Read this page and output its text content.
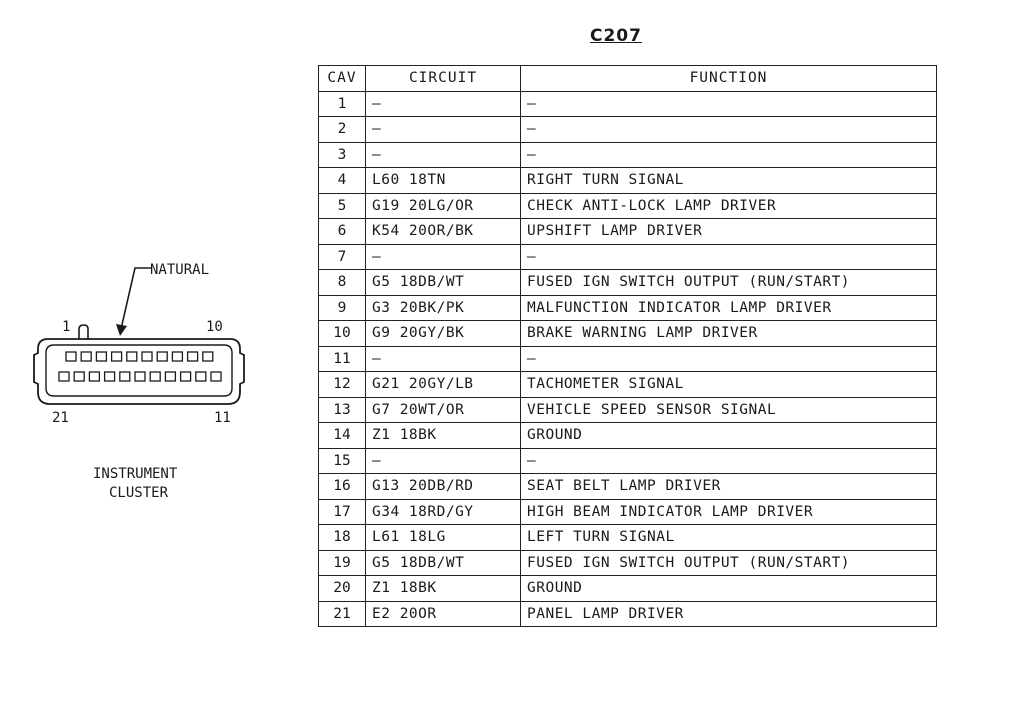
NATURAL
1	10
21	11
INSTRUMENT
CLUSTER
C207
CAV	CIRCUIT	FUNCTION
1	—	—
2	—	—
3	—	—
4	L60 18TN	RIGHT TURN SIGNAL
5	G19 20LG/OR	CHECK ANTI-LOCK LAMP DRIVER
6	K54 20OR/BK	UPSHIFT LAMP DRIVER
7	—	—
8	G5 18DB/WT	FUSED IGN SWITCH OUTPUT (RUN/START)
9	G3 20BK/PK	MALFUNCTION INDICATOR LAMP DRIVER
10	G9 20GY/BK	BRAKE WARNING LAMP DRIVER
11	—	—
12	G21 20GY/LB	TACHOMETER SIGNAL
13	G7 20WT/OR	VEHICLE SPEED SENSOR SIGNAL
14	Z1 18BK	GROUND
15	—	—
16	G13 20DB/RD	SEAT BELT LAMP DRIVER
17	G34 18RD/GY	HIGH BEAM INDICATOR LAMP DRIVER
18	L61 18LG	LEFT TURN SIGNAL
19	G5 18DB/WT	FUSED IGN SWITCH OUTPUT (RUN/START)
20	Z1 18BK	GROUND
21	E2 20OR	PANEL LAMP DRIVER
